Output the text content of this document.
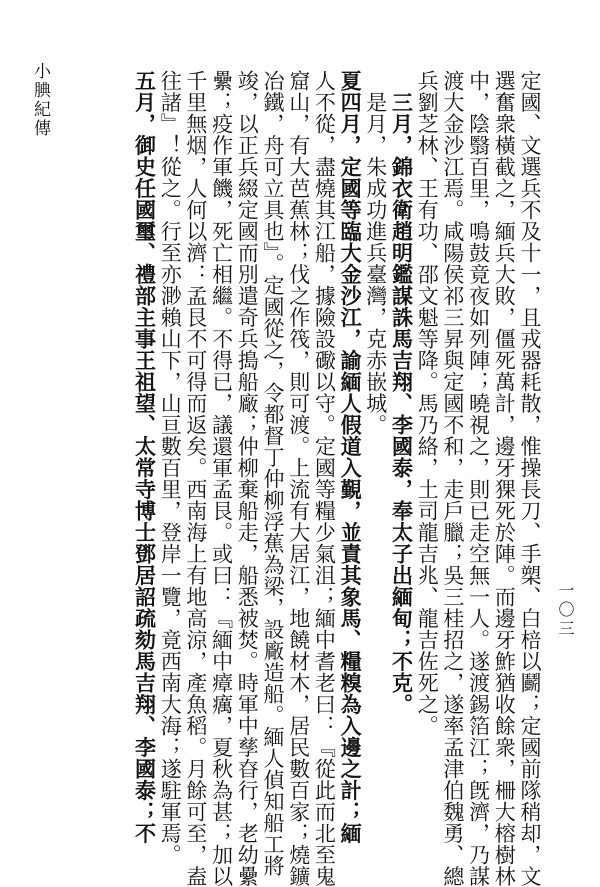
小腆紀傳
一〇三
定國、文選兵不及十一，且戎器耗散，惟操長刀、手槊、白棓以鬬；定國前隊稍却，文
選奮衆橫截之，緬兵大敗，僵死萬計，邊牙猓死於陣。而邊牙鮓猶收餘衆，柵大榕樹林
中，陰翳百里，鳴鼓竟夜如列陣；曉視之，則已走空無一人。遂渡錫箔江；旣濟，乃謀
渡大金沙江焉。咸陽侯祁三昇與定國不和，走戶臘；吳三桂招之，遂率孟津伯魏勇、總
兵劉芝林、王有功、邵文魁等降。馬乃絡，土司龍吉兆、龍吉佐死之。
　三月，錦衣衛趙明鑑謀誅馬吉翔、李國泰，奉太子出緬甸；不克。
　是月，朱成功進兵臺灣，克赤嵌城。
夏四月，定國等臨大金沙江，諭緬人假道入覲，並責其象馬、糧糗為入邊之計；緬
人不從，盡燒其江船，據險設礮以守。定國等糧少氣沮；緬中耆老曰：『從此而北至鬼
窟山，有大芭蕉林；伐之作筏，則可渡。上流有大居江，地饒材木，居民數百家；燒鑛
冶鐵，舟可立具也』。定國從之，令都督丁仲柳浮蕉為梁，設廠造船。緬人偵知船工將
竣，以正兵綴定國而別遣奇兵搗船廠；仲柳棄船走，船悉被焚。時軍中孳昚行，老幼纍
纍；疫作軍饑，死亡相繼。不得已，議還軍孟艮。或曰：『緬中瘴癘，夏秋為甚；加以
千里無烟，人何以濟：孟艮不可得而返矣。西南海上有地高涼，產魚稻。月餘可至，盍
往諸』！從之。行至亦渺賴山下，山亘數百里，登岸一覽，竟西南大海；遂駐軍焉。
五月，御史任國璽、禮部主事王祖望、太常寺博士鄧居詔疏劾馬吉翔、李國泰；不
